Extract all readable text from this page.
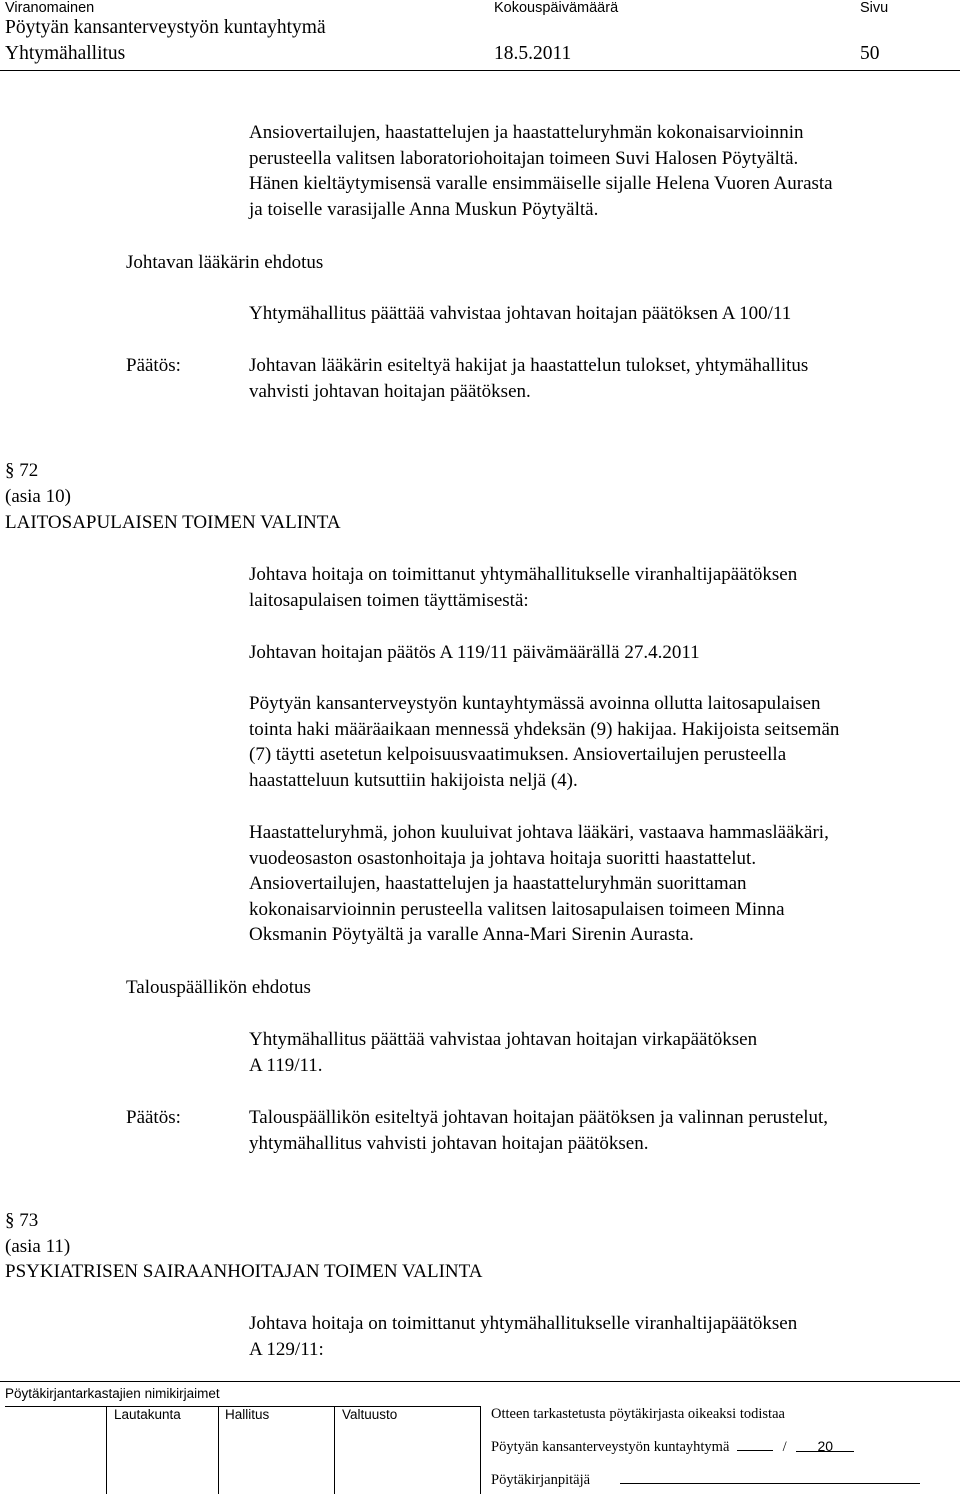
Viranomainen	Kokouspäivämäärä	Sivu
Pöytyän kansanterveystyön kuntayhtymä
Yhtymähallitus	18.5.2011	50

Ansiovertailujen, haastattelujen ja haastatteluryhmän kokonaisarvioinnin

perusteella valitsen laboratoriohoitajan toimeen Suvi Halosen Pöytyältä.

Hänen kieltäytymisensä varalle ensimmäiselle sijalle Helena Vuoren Aurasta

ja toiselle varasijalle Anna Muskun Pöytyältä.

Johtavan lääkärin ehdotus
Yhtymähallitus päättää vahvistaa johtavan hoitajan päätöksen A 100/11
Päätös:	Johtavan lääkärin esiteltyä hakijat ja haastattelun tulokset, yhtymähallitus

vahvisti johtavan hoitajan päätöksen.

§ 72
(asia 10)
LAITOSAPULAISEN TOIMEN VALINTA

Johtava hoitaja on toimittanut yhtymähallitukselle viranhaltijapäätöksen

laitosapulaisen toimen täyttämisestä:

Johtavan hoitajan päätös A 119/11 päivämäärällä 27.4.2011

Pöytyän kansanterveystyön kuntayhtymässä avoinna ollutta laitosapulaisen

tointa haki määräaikaan mennessä yhdeksän (9) hakijaa. Hakijoista seitsemän

(7) täytti asetetun kelpoisuusvaatimuksen. Ansiovertailujen perusteella

haastatteluun kutsuttiin hakijoista neljä (4).

Haastatteluryhmä, johon kuuluivat johtava lääkäri, vastaava hammaslääkäri,

vuodeosaston osastonhoitaja ja johtava hoitaja suoritti haastattelut.

Ansiovertailujen, haastattelujen ja haastatteluryhmän suorittaman

kokonaisarvioinnin perusteella valitsen laitosapulaisen toimeen Minna

Oksmanin Pöytyältä ja varalle Anna-Mari Sirenin Aurasta.

Talouspäällikön ehdotus

Yhtymähallitus päättää vahvistaa johtavan hoitajan virkapäätöksen

A 119/11.

Päätös:	Talouspäällikön esiteltyä johtavan hoitajan päätöksen ja valinnan perustelut,

yhtymähallitus vahvisti johtavan hoitajan päätöksen.

§ 73
(asia 11)
PSYKIATRISEN SAIRAANHOITAJAN TOIMEN VALINTA

Johtava hoitaja on toimittanut yhtymähallitukselle viranhaltijapäätöksen

A 129/11:

Pöytäkirjantarkastajien nimikirjaimet
Lautakunta	Hallitus	Valtuusto	Otteen tarkastetusta pöytäkirjasta oikeaksi todistaa
Pöytyän kansanterveystyön kuntayhtymä	/ 20
Pöytäkirjanpitäjä
